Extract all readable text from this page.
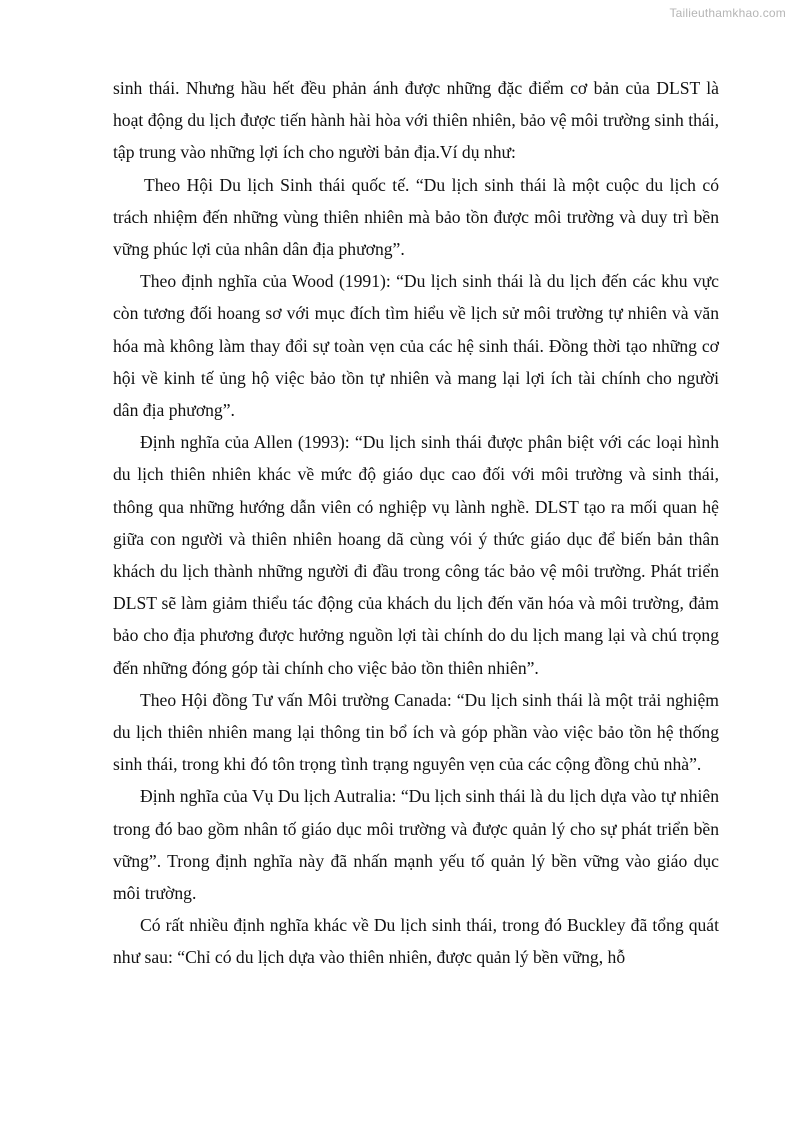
Tailieuthamkhao.com

sinh thái. Nhưng hầu hết đều phản ánh được những đặc điểm cơ bản của DLST là hoạt động du lịch được tiến hành hài hòa với thiên nhiên, bảo vệ môi trường sinh thái, tập trung vào những lợi ích cho người bản địa.Ví dụ như:

Theo Hội Du lịch Sinh thái quốc tế. “Du lịch sinh thái là một cuộc du lịch có trách nhiệm đến những vùng thiên nhiên mà bảo tồn được môi trường và duy trì bền vững phúc lợi của nhân dân địa phương”.

Theo định nghĩa của Wood (1991): “Du lịch sinh thái là du lịch đến các khu vực còn tương đối hoang sơ với mục đích tìm hiểu về lịch sử môi trường tự nhiên và văn hóa mà không làm thay đổi sự toàn vẹn của các hệ sinh thái. Đồng thời tạo những cơ hội về kinh tế ủng hộ việc bảo tồn tự nhiên và mang lại lợi ích tài chính cho người dân địa phương”.

Định nghĩa của Allen (1993): “Du lịch sinh thái được phân biệt với các loại hình du lịch thiên nhiên khác về mức độ giáo dục cao đối với môi trường và sinh thái, thông qua những hướng dẫn viên có nghiệp vụ lành nghề. DLST tạo ra mối quan hệ giữa con người và thiên nhiên hoang dã cùng vói ý thức giáo dục để biến bản thân khách du lịch thành những người đi đầu trong công tác bảo vệ môi trường. Phát triển DLST sẽ làm giảm thiểu tác động của khách du lịch đến văn hóa và môi trường, đảm bảo cho địa phương được hưởng nguồn lợi tài chính do du lịch mang lại và chú trọng đến những đóng góp tài chính cho việc bảo tồn thiên nhiên”.

Theo Hội đồng Tư vấn Môi trường Canada: “Du lịch sinh thái là một trải nghiệm du lịch thiên nhiên mang lại thông tin bổ ích và góp phần vào việc bảo tồn hệ thống sinh thái, trong khi đó tôn trọng tình trạng nguyên vẹn của các cộng đồng chủ nhà”.

Định nghĩa của Vụ Du lịch Autralia: “Du lịch sinh thái là du lịch dựa vào tự nhiên trong đó bao gồm nhân tố giáo dục môi trường và được quản lý cho sự phát triển bền vững”. Trong định nghĩa này đã nhấn mạnh yếu tố quản lý bền vững vào giáo dục môi trường.

Có rất nhiều định nghĩa khác về Du lịch sinh thái, trong đó Buckley đã tổng quát như sau: “Chỉ có du lịch dựa vào thiên nhiên, được quản lý bền vững, hỗ
